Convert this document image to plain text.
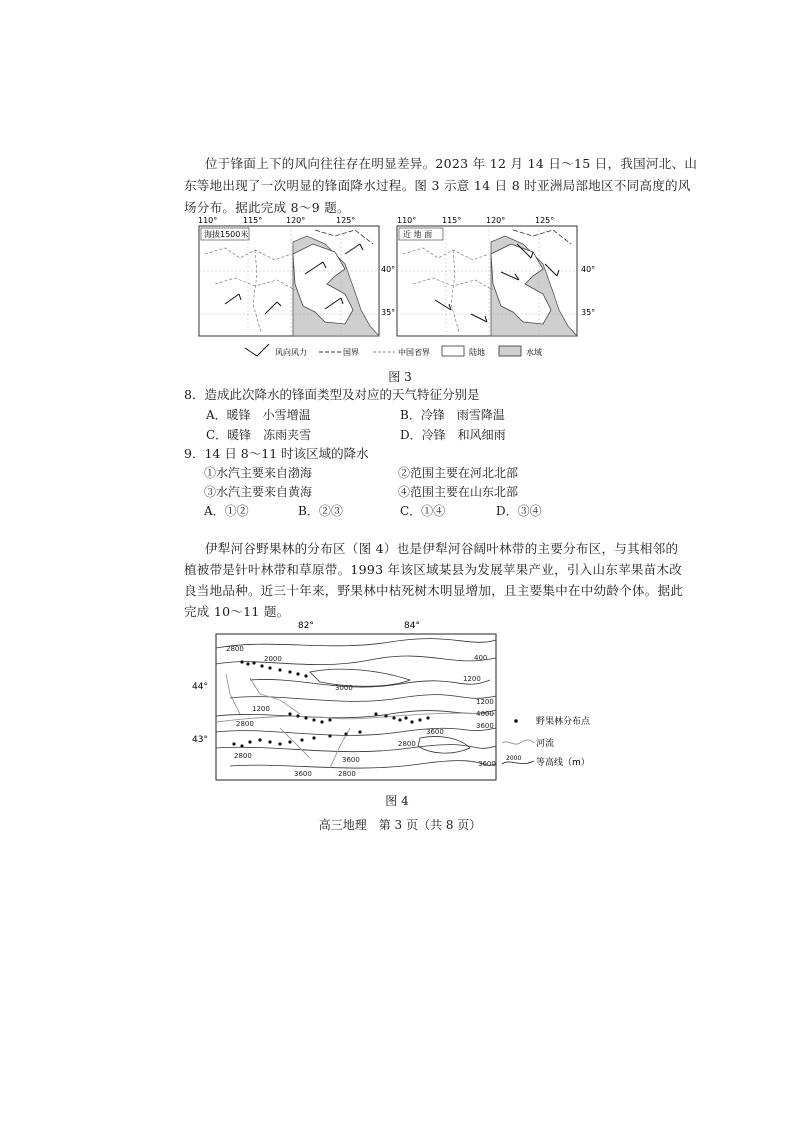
位于锋面上下的风向往往存在明显差异。2023 年 12 月 14 日～15 日，我国河北、山
东等地出现了一次明显的锋面降水过程。图 3 示意 14 日 8 时亚洲局部地区不同高度的风
场分布。据此完成 8～9 题。
110°	115°	120°	125°	110°	115°	120°	125°
海拔1500米	近 地 面
40°
35°
40°
35°
风向风力	国界	中国省界	陆地	水域
图 3
8．造成此次降水的锋面类型及对应的天气特征分别是
A．暖锋　小雪增温	B．冷锋　雨雪降温
C．暖锋　冻雨夹雪	D．冷锋　和风细雨
9．14 日 8～11 时该区域的降水
①水汽主要来自渤海	②范围主要在河北北部
③水汽主要来自黄海	④范围主要在山东北部
A．①②	B．②③	C．①④	D．③④
伊犁河谷野果林的分布区（图 4）也是伊犁河谷阔叶林带的主要分布区，与其相邻的
植被带是针叶林带和草原带。1993 年该区域某县为发展苹果产业，引入山东苹果苗木改
良当地品种。近三十年来，野果林中枯死树木明显增加，且主要集中在中幼龄个体。据此
完成 10～11 题。
82°	84°
44°
43°
2800
2000	400
1200
3000
1200
2800	3600
1200
4000
2800
3600	3600
2800
3600	2800
3600
野果林分布点
河流
2000 等高线（m）
图 4
高三地理　第 3 页（共 8 页）
